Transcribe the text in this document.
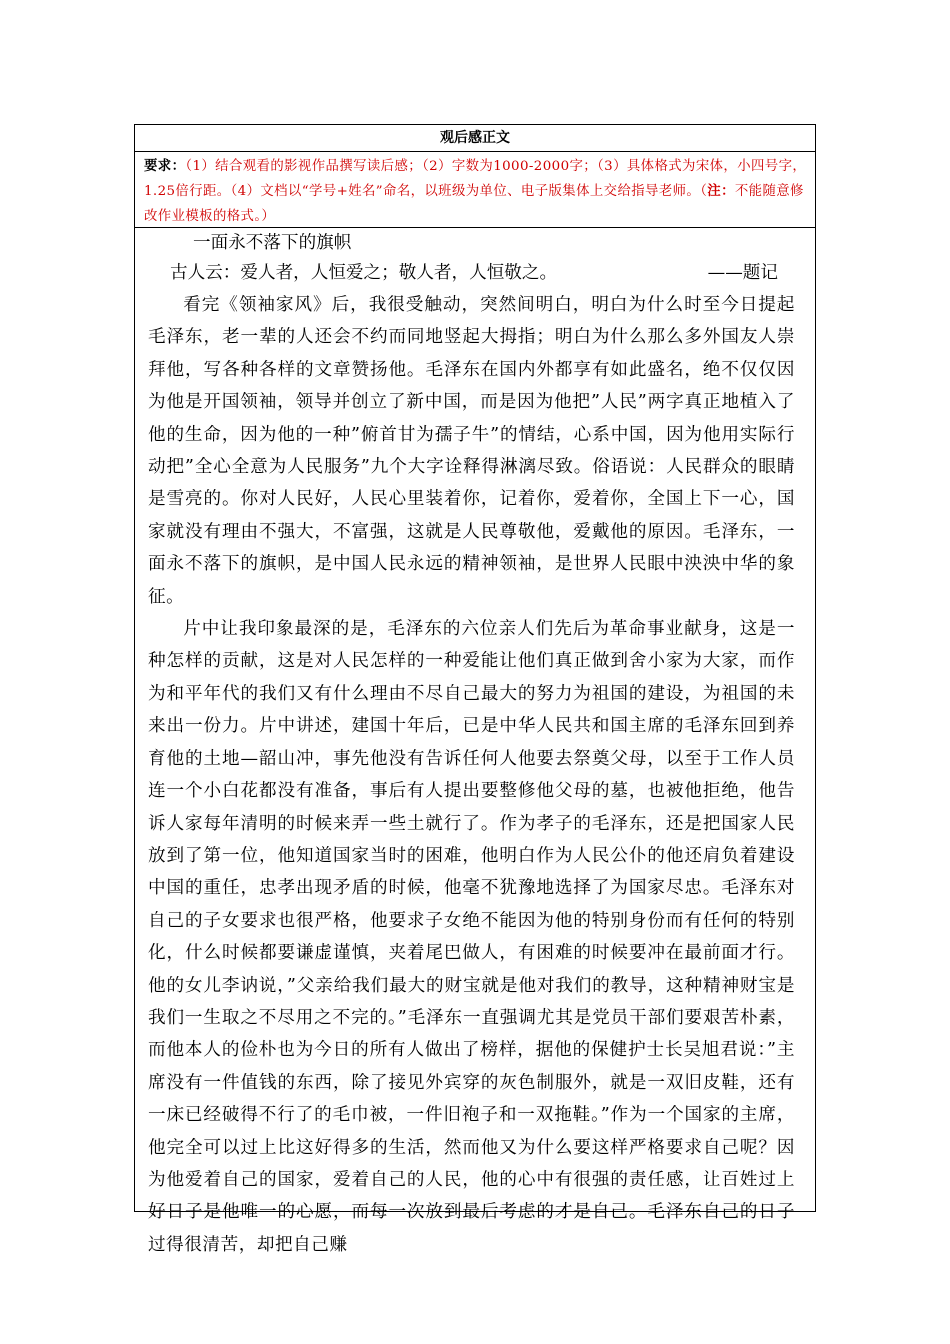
观后感正文
要求：（1）结合观看的影视作品撰写读后感；（2）字数为1000-2000字；（3）具体格式为宋体，小四号字，1.25倍行距。（4）文档以“学号+姓名”命名，以班级为单位、电子版集体上交给指导老师。（注：不能随意修改作业模板的格式。）
一面永不落下的旗帜
古人云：爱人者，人恒爱之；敬人者，人恒敬之。	——题记

看完《领袖家风》后，我很受触动，突然间明白，明白为什么时至今日提起毛泽东，老一辈的人还会不约而同地竖起大拇指；明白为什么那么多外国友人崇拜他，写各种各样的文章赞扬他。毛泽东在国内外都享有如此盛名，绝不仅仅因为他是开国领袖，领导并创立了新中国，而是因为他把”人民”两字真正地植入了他的生命，因为他的一种”俯首甘为孺子牛”的情结，心系中国，因为他用实际行动把”全心全意为人民服务”九个大字诠释得淋漓尽致。俗语说：人民群众的眼睛是雪亮的。你对人民好，人民心里装着你，记着你，爱着你，全国上下一心，国家就没有理由不强大，不富强，这就是人民尊敬他，爱戴他的原因。毛泽东，一面永不落下的旗帜，是中国人民永远的精神领袖，是世界人民眼中泱泱中华的象征。

片中让我印象最深的是，毛泽东的六位亲人们先后为革命事业献身，这是一种怎样的贡献，这是对人民怎样的一种爱能让他们真正做到舍小家为大家，而作为和平年代的我们又有什么理由不尽自己最大的努力为祖国的建设，为祖国的未来出一份力。片中讲述，建国十年后，已是中华人民共和国主席的毛泽东回到养育他的土地—韶山冲，事先他没有告诉任何人他要去祭奠父母，以至于工作人员连一个小白花都没有准备，事后有人提出要整修他父母的墓，也被他拒绝，他告诉人家每年清明的时候来弄一些土就行了。作为孝子的毛泽东，还是把国家人民放到了第一位，他知道国家当时的困难，他明白作为人民公仆的他还肩负着建设中国的重任，忠孝出现矛盾的时候，他毫不犹豫地选择了为国家尽忠。毛泽东对自己的子女要求也很严格，他要求子女绝不能因为他的特别身份而有任何的特别化，什么时候都要谦虚谨慎，夹着尾巴做人，有困难的时候要冲在最前面才行。他的女儿李讷说，”父亲给我们最大的财宝就是他对我们的教导，这种精神财宝是我们一生取之不尽用之不完的。”毛泽东一直强调尤其是党员干部们要艰苦朴素，而他本人的俭朴也为今日的所有人做出了榜样，据他的保健护士长吴旭君说：”主席没有一件值钱的东西，除了接见外宾穿的灰色制服外，就是一双旧皮鞋，还有一床已经破得不行了的毛巾被，一件旧袍子和一双拖鞋。”作为一个国家的主席，他完全可以过上比这好得多的生活，然而他又为什么要这样严格要求自己呢？因为他爱着自己的国家，爱着自己的人民，他的心中有很强的责任感，让百姓过上好日子是他唯一的心愿，而每一次放到最后考虑的才是自己。毛泽东自己的日子过得很清苦，却把自己赚
